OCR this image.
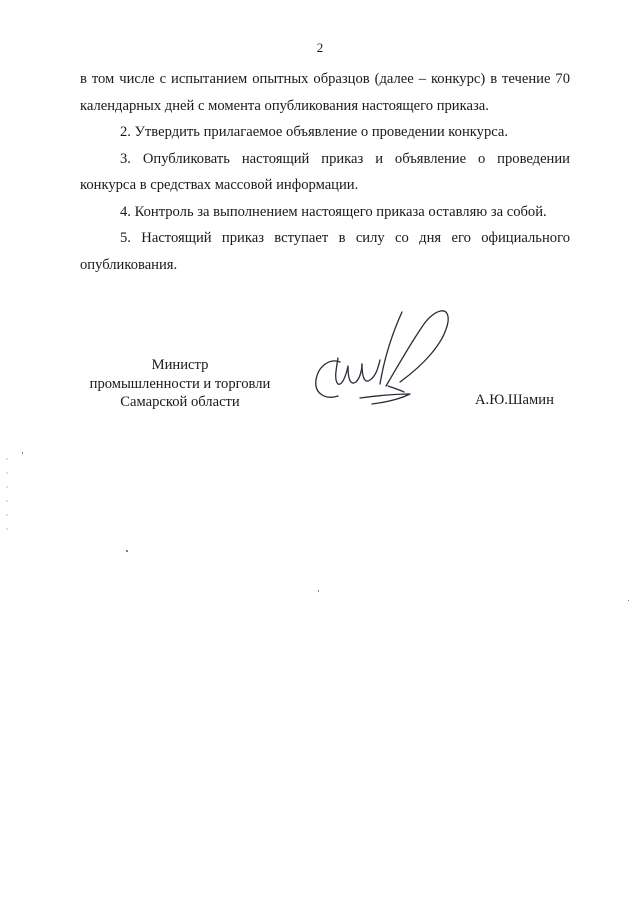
2

в том числе с испытанием опытных образцов (далее – конкурс) в течение 70 календарных дней с момента опубликования настоящего приказа.

2. Утвердить прилагаемое объявление о проведении конкурса.

3. Опубликовать настоящий приказ и объявление о проведении конкурса в средствах массовой информации.

4. Контроль за выполнением настоящего приказа оставляю за собой.

5. Настоящий приказ вступает в силу со дня его официального опубликования.

Министр
промышленности и торговли
Самарской области	А.Ю.Шамин
